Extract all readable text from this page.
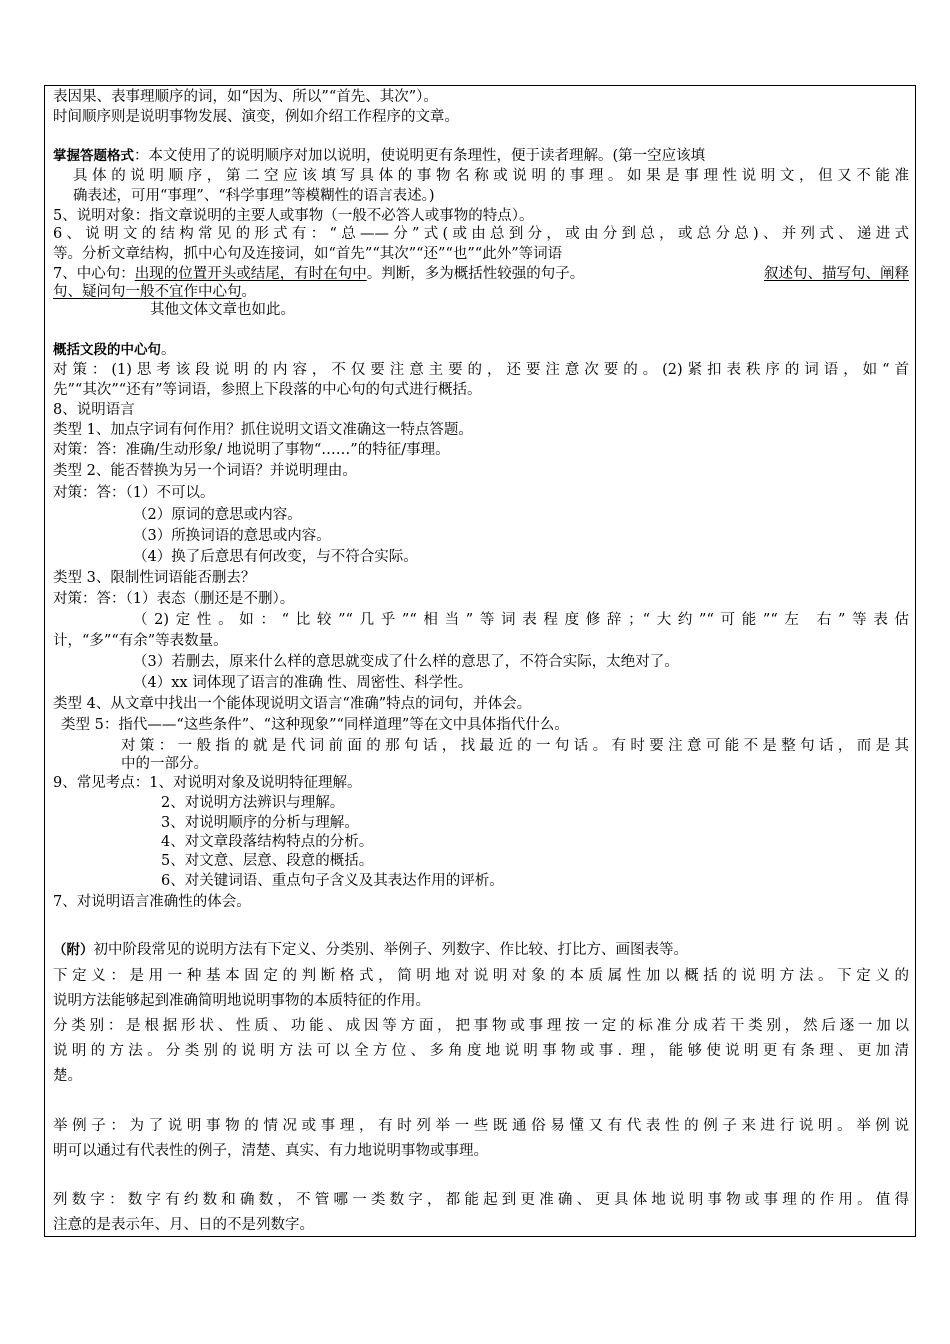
表因果、表事理顺序的词，如“因为、所以”“首先、其次”）。
时间顺序则是说明事物发展、演变，例如介绍工作程序的文章。
掌握答题格式：本文使用了的说明顺序对加以说明，使说明更有条理性，便于读者理解。(第一空应该填
具体的说明顺序，第二空应该填写具体的事物名称或说明的事理。如果是事理性说明文，但又不能准
确表述，可用“事理”、“科学事理”等模糊性的语言表述。)
5、说明对象：指文章说明的主要人或事物（一般不必答人或事物的特点）。
6、说明文的结构常见的形式有：“总——分”式(或由总到分，或由分到总，或总分总)、并列式、递进式
等。分析文章结构，抓中心句及连接词，如“首先”“其次”“还”“也”“此外”等词语
7、中心句：出现的位置开头或结尾，有时在句中。判断，多为概括性较强的句子。	叙述句、描写句、阐释
句、疑问句一般不宜作中心句。
其他文体文章也如此。
概括文段的中心句。
对策：(1)思考该段说明的内容，不仅要注意主要的，还要注意次要的。(2)紧扣表秩序的词语，如“首
先”“其次”“还有”等词语，参照上下段落的中心句的句式进行概括。
8、说明语言
类型 1、加点字词有何作用？抓住说明文语文准确这一特点答题。
对策：答：准确/生动形象/ 地说明了事物“……”的特征/事理。
类型 2、能否替换为另一个词语？并说明理由。
对策：答：（1）不可以。
（2）原词的意思或内容。
（3）所换词语的意思或内容。
（4）换了后意思有何改变，与不符合实际。
类型 3、限制性词语能否删去？
对策：答：（1）表态（删还是不删）。
（2)定性。如：“比较”“几乎”“相当”等词表程度修辞；“大约”“可能”“左 右”等表估
计，“多”“有余”等表数量。
（3）若删去，原来什么样的意思就变成了什么样的意思了，不符合实际，太绝对了。
（4）xx 词体现了语言的准确 性、周密性、科学性。
类型 4、从文章中找出一个能体现说明文语言“准确”特点的词句，并体会。
类型 5：指代——“这些条件”、“这种现象”“同样道理”等在文中具体指代什么。
对策：一般指的就是代词前面的那句话，找最近的一句话。有时要注意可能不是整句话，而是其
中的一部分。
9、常见考点：1、对说明对象及说明特征理解。
2、对说明方法辨识与理解。
3、对说明顺序的分析与理解。
4、对文章段落结构特点的分析。
5、对文意、层意、段意的概括。
6、对关键词语、重点句子含义及其表达作用的评析。
7、对说明语言准确性的体会。
（附）初中阶段常见的说明方法有下定义、分类别、举例子、列数字、作比较、打比方、画图表等。
下定义：是用一种基本固定的判断格式，简明地对说明对象的本质属性加以概括的说明方法。下定义的
说明方法能够起到准确简明地说明事物的本质特征的作用。
分类别：是根据形状、性质、功能、成因等方面，把事物或事理按一定的标准分成若干类别，然后逐一加以
说明的方法。分类别的说明方法可以全方位、多角度地说明事物或事. 理，能够使说明更有条理、更加清
楚。
举例子：为了说明事物的情况或事理，有时列举一些既通俗易懂又有代表性的例子来进行说明。举例说
明可以通过有代表性的例子，清楚、真实、有力地说明事物或事理。
列数字：数字有约数和确数，不管哪一类数字，都能起到更准确、更具体地说明事物或事理的作用。值得
注意的是表示年、月、日的不是列数字。
